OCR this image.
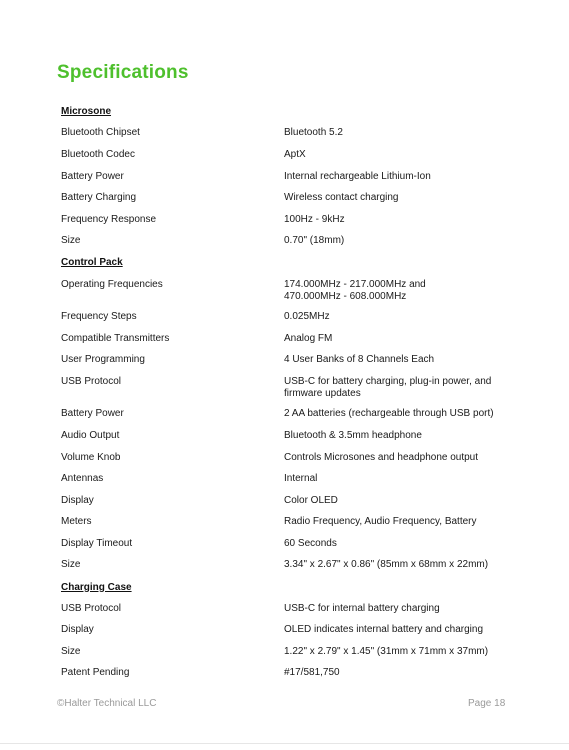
Specifications
Microsone
Bluetooth Chipset	Bluetooth 5.2
Bluetooth Codec	AptX
Battery Power	Internal rechargeable Lithium-Ion
Battery Charging	Wireless contact charging
Frequency Response	100Hz - 9kHz
Size	0.70" (18mm)
Control Pack
Operating Frequencies	174.000MHz - 217.000MHz and
470.000MHz - 608.000MHz
Frequency Steps	0.025MHz
Compatible Transmitters	Analog FM
User Programming	4 User Banks of 8 Channels Each
USB Protocol	USB-C for battery charging, plug-in power, and
firmware updates
Battery Power	2 AA batteries (rechargeable through USB port)
Audio Output	Bluetooth & 3.5mm headphone
Volume Knob	Controls Microsones and headphone output
Antennas	Internal
Display	Color OLED
Meters	Radio Frequency, Audio Frequency, Battery
Display Timeout	60 Seconds
Size	3.34" x 2.67" x 0.86" (85mm x 68mm x 22mm)
Charging Case
USB Protocol	USB-C for internal battery charging
Display	OLED indicates internal battery and charging
Size	1.22" x 2.79" x 1.45" (31mm x 71mm x 37mm)
Patent Pending	#17/581,750
©Halter Technical LLC	Page 18
